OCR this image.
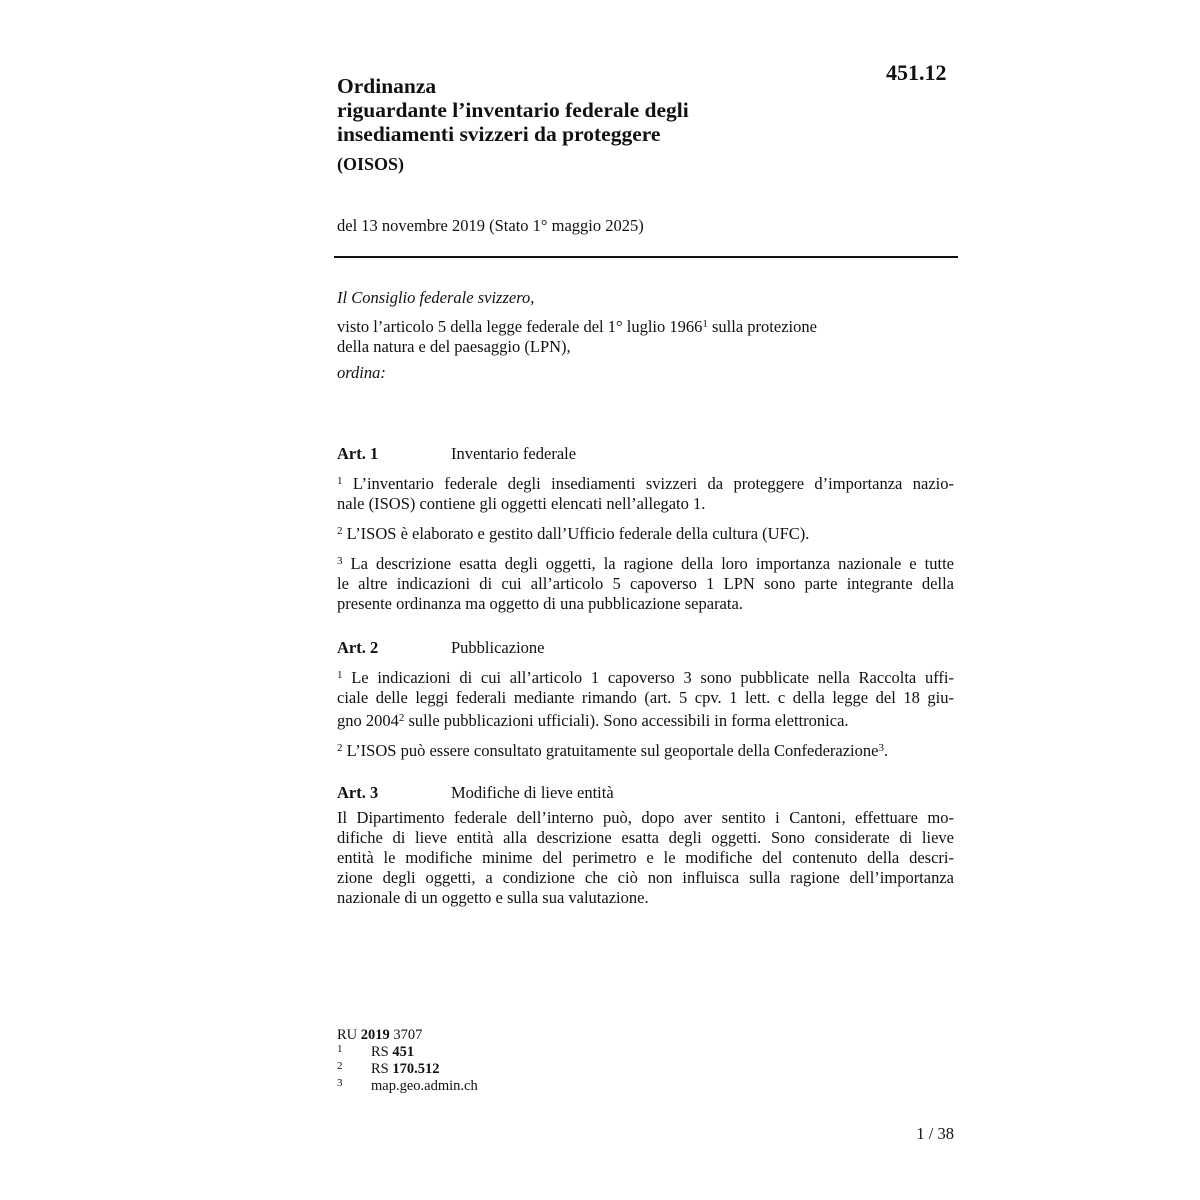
451.12
Ordinanza
riguardante l’inventario federale degli
insediamenti svizzeri da proteggere
(OISOS)
del 13 novembre 2019 (Stato 1° maggio 2025)
Il Consiglio federale svizzero,
visto l’articolo 5 della legge federale del 1° luglio 1966$^1$ sulla protezione
della natura e del paesaggio (LPN),
ordina:
Art. 1	Inventario federale
$^1$ L’inventario federale degli insediamenti svizzeri da proteggere d’importanza nazio-
nale (ISOS) contiene gli oggetti elencati nell’allegato 1.
$^2$ L’ISOS è elaborato e gestito dall’Ufficio federale della cultura (UFC).
$^3$ La descrizione esatta degli oggetti, la ragione della loro importanza nazionale e tutte
le altre indicazioni di cui all’articolo 5 capoverso 1 LPN sono parte integrante della
presente ordinanza ma oggetto di una pubblicazione separata.
Art. 2	Pubblicazione
$^1$ Le indicazioni di cui all’articolo 1 capoverso 3 sono pubblicate nella Raccolta uffi-
ciale delle leggi federali mediante rimando (art. 5 cpv. 1 lett. c della legge del 18 giu-
gno 2004$^2$ sulle pubblicazioni ufficiali). Sono accessibili in forma elettronica.
$^2$ L’ISOS può essere consultato gratuitamente sul geoportale della Confederazione$^3$.
Art. 3	Modifiche di lieve entità
Il Dipartimento federale dell’interno può, dopo aver sentito i Cantoni, effettuare mo-
difiche di lieve entità alla descrizione esatta degli oggetti. Sono considerate di lieve
entità le modifiche minime del perimetro e le modifiche del contenuto della descri-
zione degli oggetti, a condizione che ciò non influisca sulla ragione dell’importanza
nazionale di un oggetto e sulla sua valutazione.
RU 2019 3707
1	RS 451
2	RS 170.512
3	map.geo.admin.ch
1 / 38
